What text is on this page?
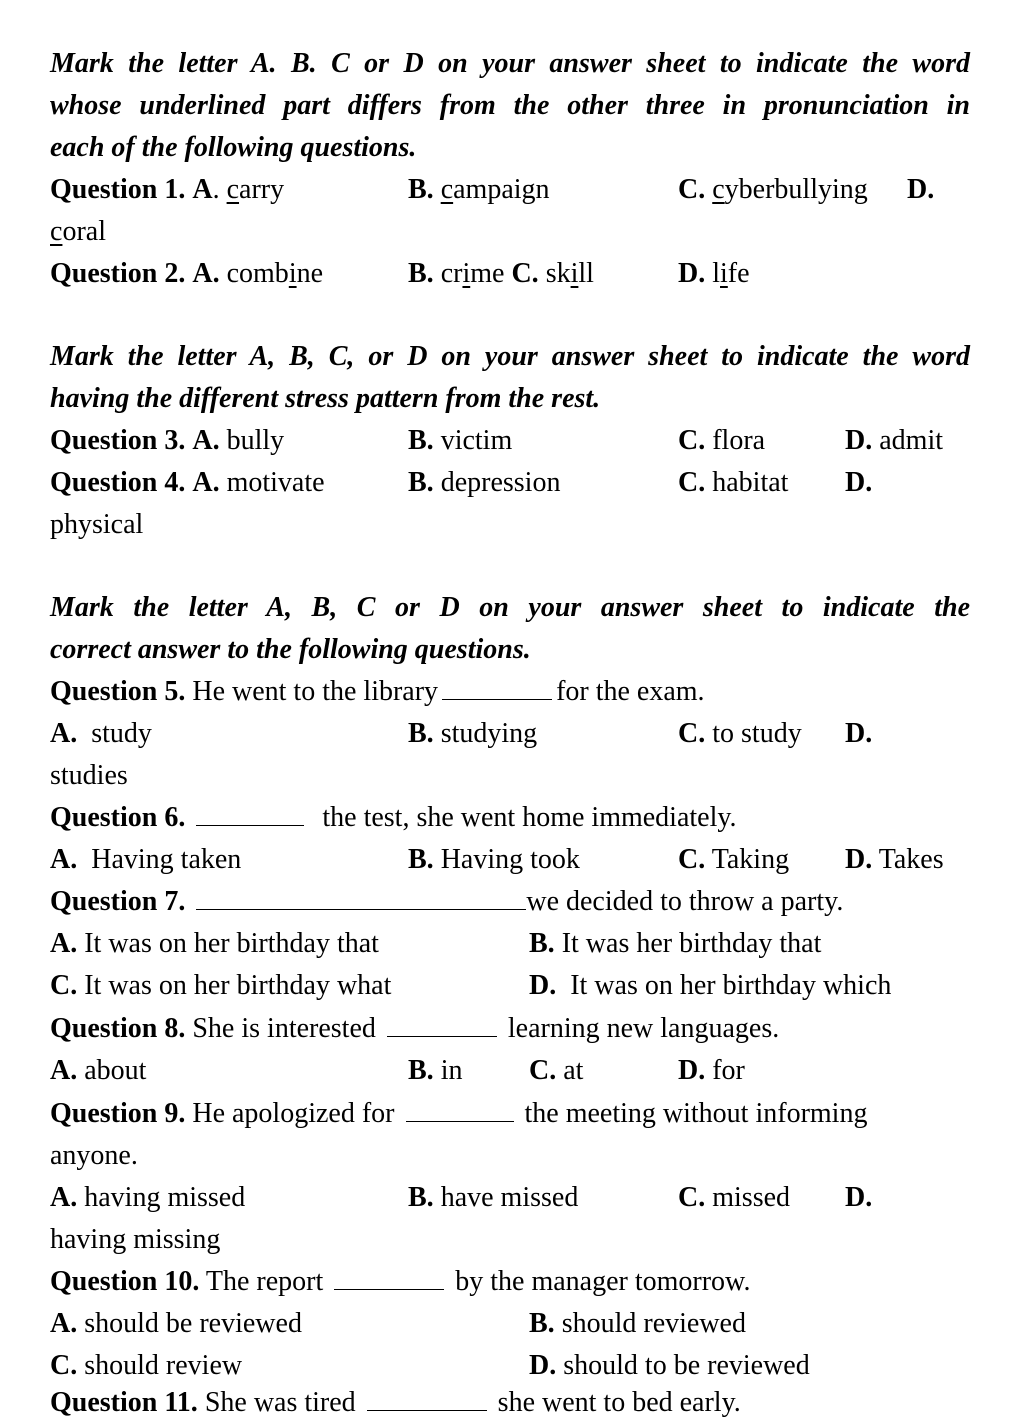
Mark the letter A. B. C or D on your answer sheet to indicate the word
whose underlined part differs from the other three in pronunciation in
each of the following questions.
Question 1. A. carry	B. campaign	C. cyberbullying D.
coral
Question 2. A. combine	B. crime C. skill	D. life
Mark the letter A, B, C, or D on your answer sheet to indicate the word
having the different stress pattern from the rest.
Question 3. A. bully	B. victim	C. flora	D. admit
Question 4. A. motivate	B. depression	C. habitat D.
physical
Mark the letter A, B, C or D on your answer sheet to indicate the
correct answer to the following questions.
Question 5. He went to the library	for the exam.
A. study	B. studying	C. to study D.
studies
Question 6.	the test, she went home immediately.
A. Having taken	B. Having took	C. Taking D. Takes
Question 7.	we decided to throw a party.
A. It was on her birthday that	B. It was her birthday that
C. It was on her birthday what	D. It was on her birthday which
Question 8. She is interested	learning new languages.
A. about	B. in C. at	D. for
Question 9. He apologized for	the meeting without informing
anyone.
A. having missed	B. have missed	C. missed D.
having missing
Question 10. The report	by the manager tomorrow.
A. should be reviewed	B. should reviewed
C. should review	D. should to be reviewed
Question 11. She was tired	she went to bed early.
